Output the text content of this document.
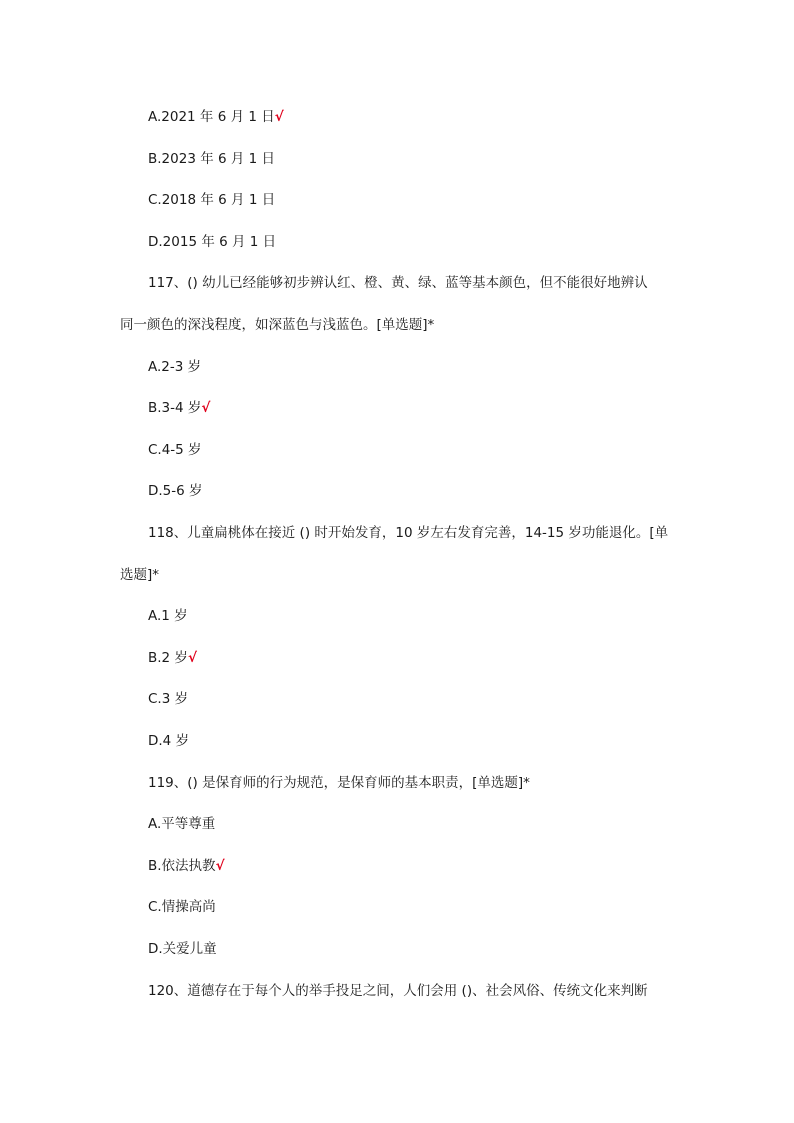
A.2021 年 6 月 1 日√
B.2023 年 6 月 1 日
C.2018 年 6 月 1 日
D.2015 年 6 月 1 日
117、() 幼儿已经能够初步辨认红、橙、黄、绿、蓝等基本颜色，但不能很好地辨认
同一颜色的深浅程度，如深蓝色与浅蓝色。[单选题]*
A.2-3 岁
B.3-4 岁√
C.4-5 岁
D.5-6 岁
118、儿童扁桃体在接近 () 时开始发育，10 岁左右发育完善，14-15 岁功能退化。[单
选题]*
A.1 岁
B.2 岁√
C.3 岁
D.4 岁
119、() 是保育师的行为规范，是保育师的基本职责，[单选题]*
A.平等尊重
B.依法执教√
C.情操高尚
D.关爱儿童
120、道德存在于每个人的举手投足之间，人们会用 ()、社会风俗、传统文化来判断
